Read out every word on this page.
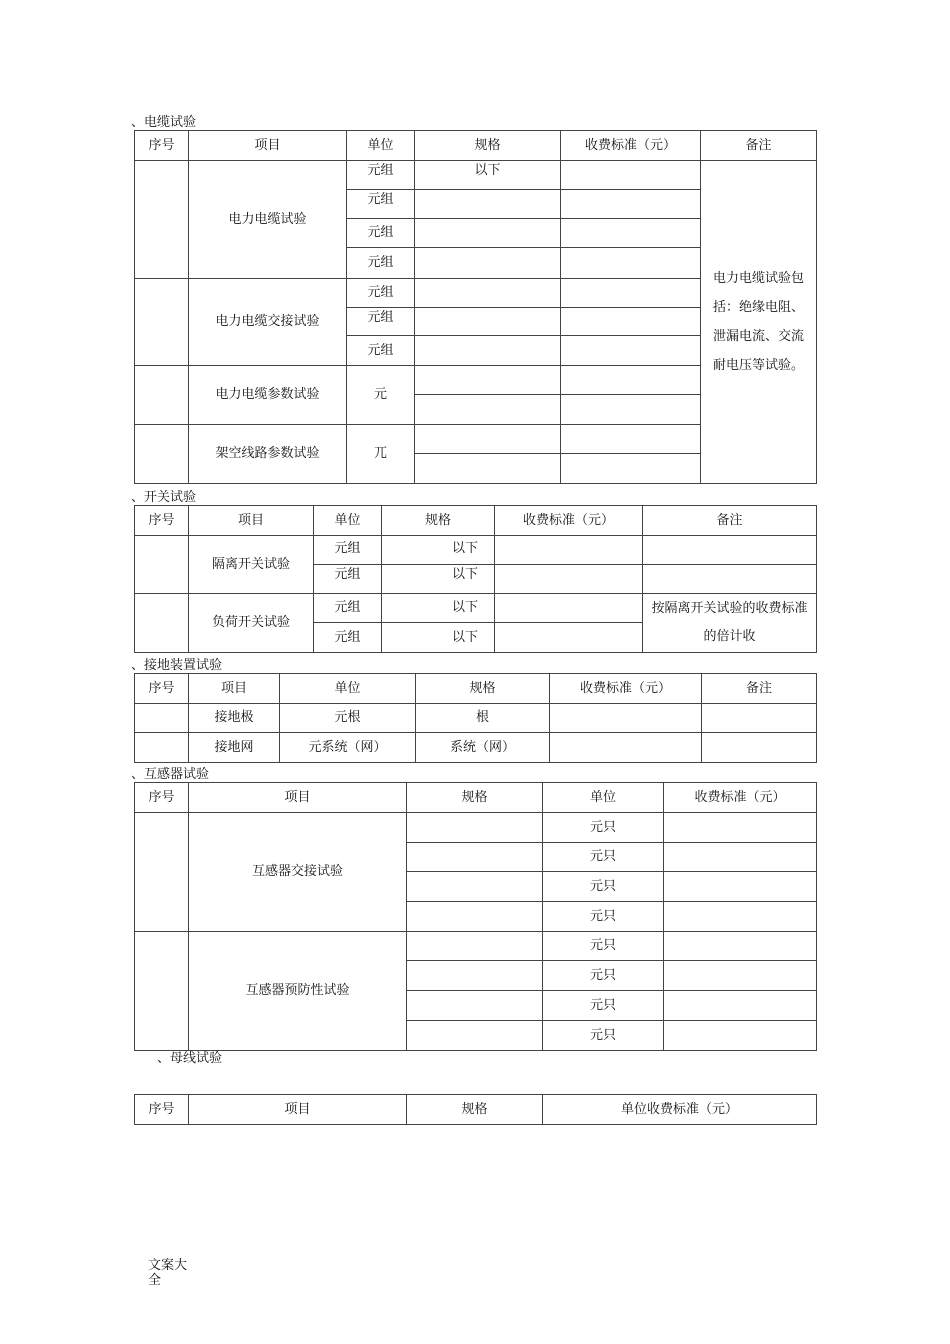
、电缆试验
序号	项目	单位	规格	收费标准（元）	备注
	电力电缆试验	元组	以下		电力电缆试验包括：绝缘电阻、泄漏电流、交流耐电压等试验。
		元组			
		元组			
		元组			
	电力电缆交接试验	元组			
		元组			
		元组			
	电力电缆参数试验	元			

	架空线路参数试验	兀			

、开关试验
序号	项目	单位	规格	收费标准（元）	备注
	隔离开关试验	元组	以下		
		元组	以下		
	负荷开关试验	元组	以下		按隔离开关试验的收费标准的倍计收
		元组	以下		
、接地装置试验
序号	项目	单位	规格	收费标准（元）	备注
	接地极	元根	根		
	接地网	元系统（网）	系统（网）		
、互感器试验
序号	项目	规格	单位	收费标准（元）
	互感器交接试验		元只	
			元只	
			元只	
			元只	
	互感器预防性试验		元只	
			元只	
			元只	
			元只	
、母线试验
序号	项目	规格	单位收费标准（元）
文案大全
